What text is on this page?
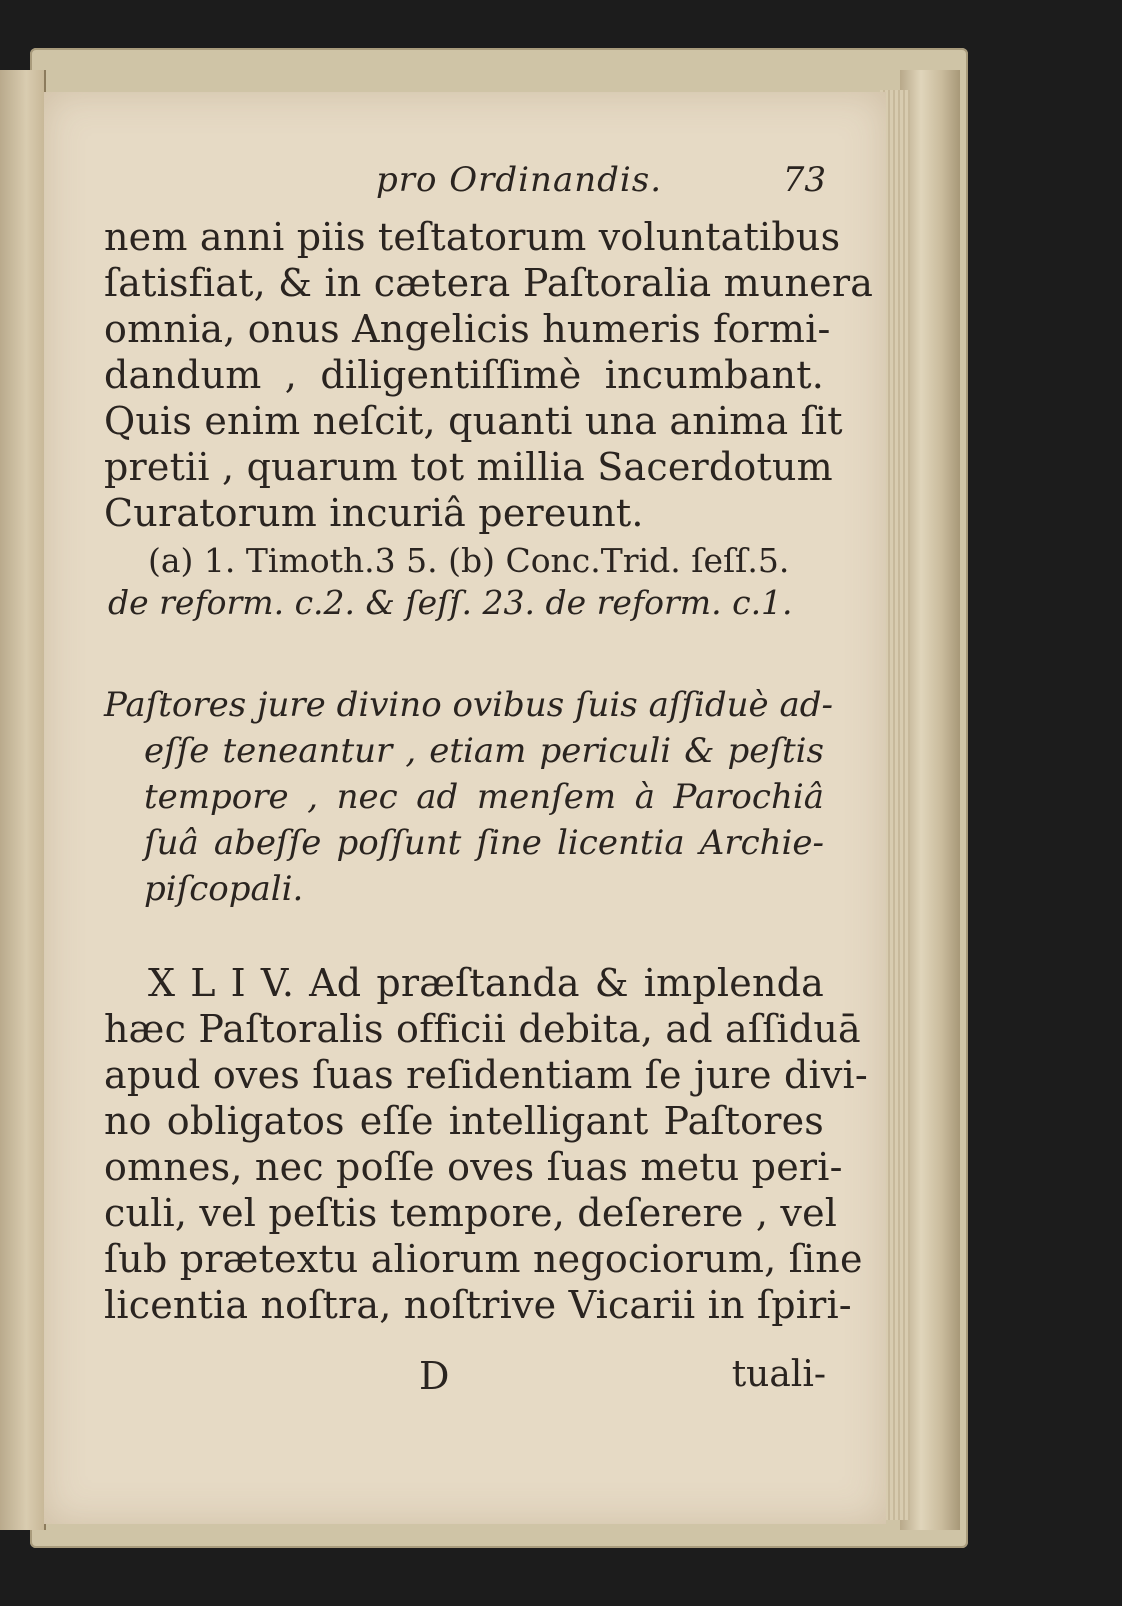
pro Ordinandis.	73
nem anni piis teſtatorum voluntatibus
ſatisfiat, & in cætera Paſtoralia munera
omnia, onus Angelicis humeris formi-
dandum , diligentiſſimè incumbant.
Quis enim neſcit, quanti una anima ſit
pretii , quarum tot millia Sacerdotum
Curatorum incuriâ pereunt.
(a) 1. Timoth.3 5. (b) Conc.Trid. ſeſſ.5.
de reform. c.2. & ſeſſ. 23. de reform. c.1.
Paſtores jure divino ovibus ſuis aſſiduè ad-
eſſe teneantur , etiam periculi & peſtis
tempore , nec ad menſem à Parochiâ
ſuâ abeſſe poſſunt ſine licentia Archie-
piſcopali.
X L I V. Ad præſtanda & implenda
hæc Paſtoralis officii debita, ad aſſiduā
apud oves ſuas reſidentiam ſe jure divi-
no obligatos eſſe intelligant Paſtores
omnes, nec poſſe oves ſuas metu peri-
culi, vel peſtis tempore, deſerere , vel
ſub prætextu aliorum negociorum, ſine
licentia noſtra, noſtrive Vicarii in ſpiri-
D	tuali-
